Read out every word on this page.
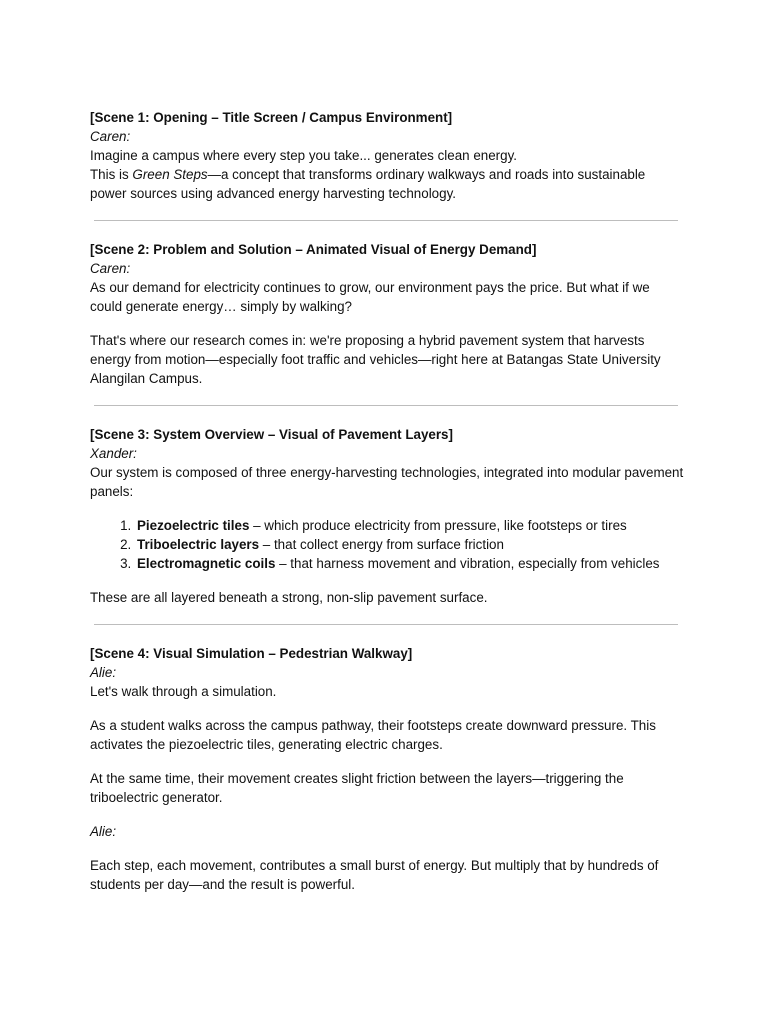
[Scene 1: Opening – Title Screen / Campus Environment]

Caren:

Imagine a campus where every step you take... generates clean energy.

This is Green Steps—a concept that transforms ordinary walkways and roads into sustainable power sources using advanced energy harvesting technology.

[Scene 2: Problem and Solution – Animated Visual of Energy Demand]

Caren:

As our demand for electricity continues to grow, our environment pays the price. But what if we could generate energy… simply by walking?

That's where our research comes in: we're proposing a hybrid pavement system that harvests energy from motion—especially foot traffic and vehicles—right here at Batangas State University Alangilan Campus.

[Scene 3: System Overview – Visual of Pavement Layers]

Xander:

Our system is composed of three energy-harvesting technologies, integrated into modular pavement panels:

1. Piezoelectric tiles – which produce electricity from pressure, like footsteps or tires
2. Triboelectric layers – that collect energy from surface friction
3. Electromagnetic coils – that harness movement and vibration, especially from vehicles

These are all layered beneath a strong, non-slip pavement surface.

[Scene 4: Visual Simulation – Pedestrian Walkway]

Alie:

Let's walk through a simulation.

As a student walks across the campus pathway, their footsteps create downward pressure. This activates the piezoelectric tiles, generating electric charges.

At the same time, their movement creates slight friction between the layers—triggering the triboelectric generator.

Alie:

Each step, each movement, contributes a small burst of energy. But multiply that by hundreds of students per day—and the result is powerful.
